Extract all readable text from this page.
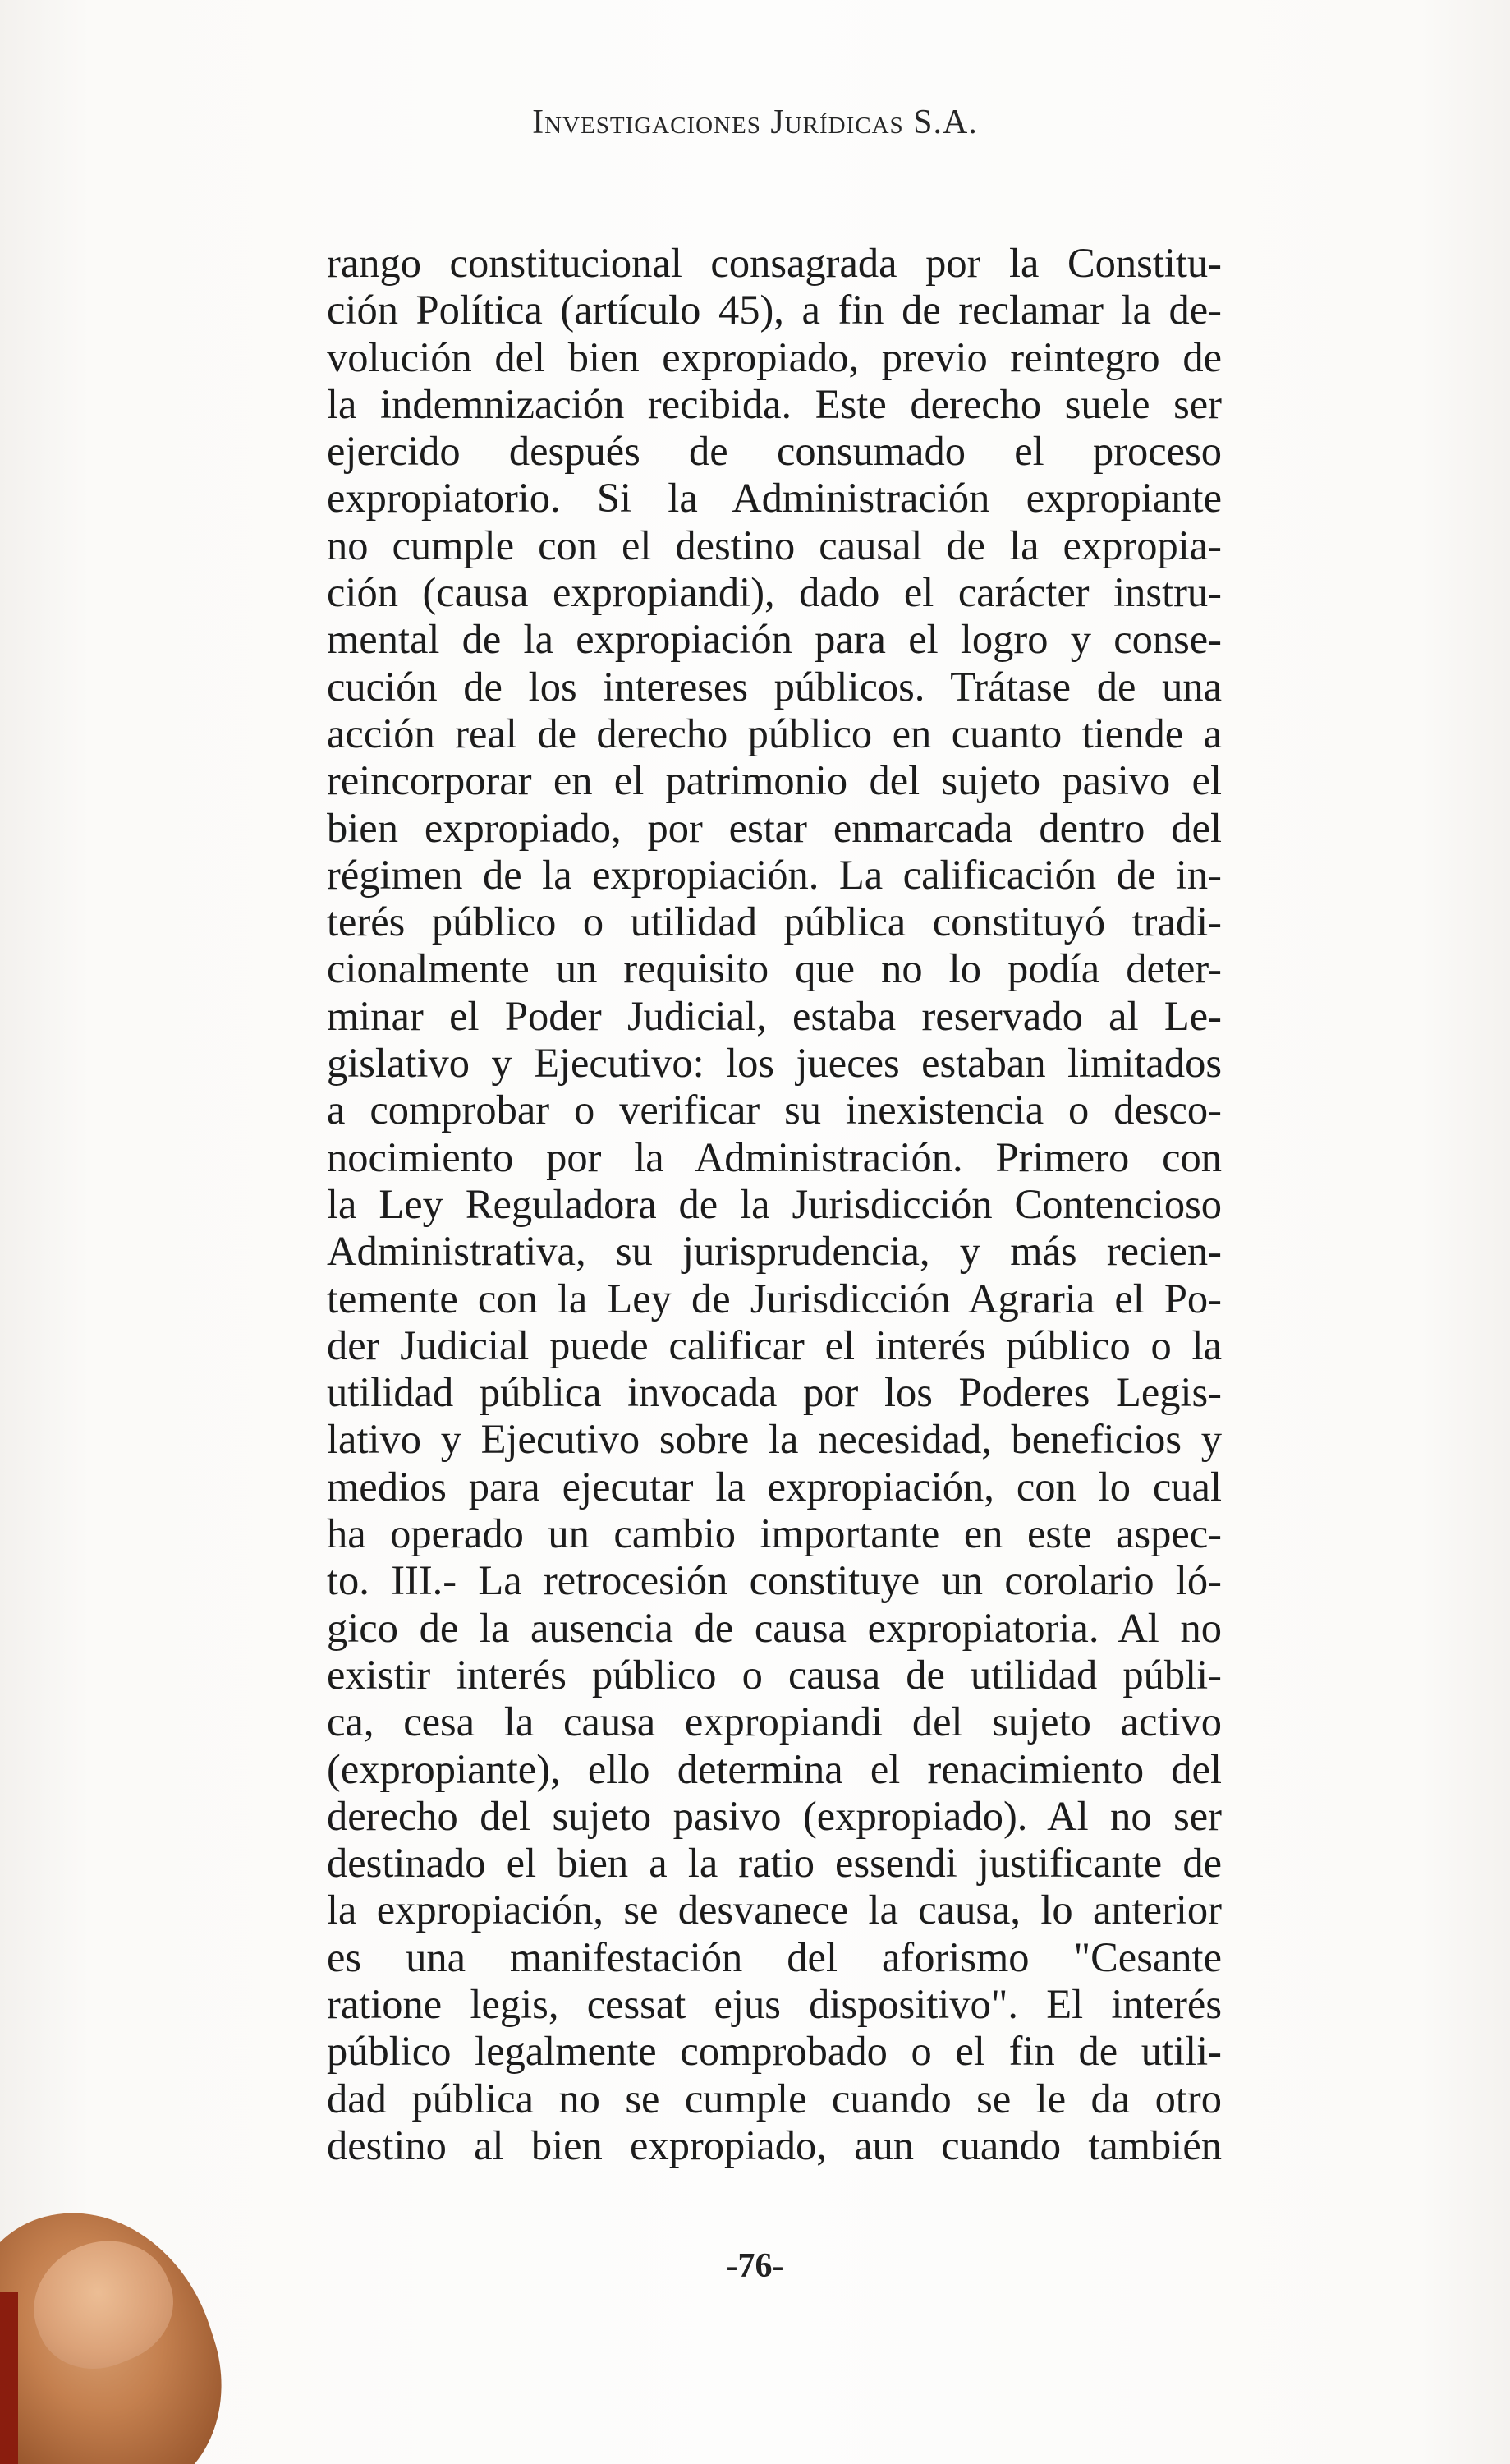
Investigaciones Jurídicas S.A.
rango constitucional consagrada por la Constitu-
ción Política (artículo 45), a fin de reclamar la de-
volución del bien expropiado, previo reintegro de
la indemnización recibida. Este derecho suele ser
ejercido después de consumado el proceso
expropiatorio. Si la Administración expropiante
no cumple con el destino causal de la expropia-
ción (causa expropiandi), dado el carácter instru-
mental de la expropiación para el logro y conse-
cución de los intereses públicos. Trátase de una
acción real de derecho público en cuanto tiende a
reincorporar en el patrimonio del sujeto pasivo el
bien expropiado, por estar enmarcada dentro del
régimen de la expropiación. La calificación de in-
terés público o utilidad pública constituyó tradi-
cionalmente un requisito que no lo podía deter-
minar el Poder Judicial, estaba reservado al Le-
gislativo y Ejecutivo: los jueces estaban limitados
a comprobar o verificar su inexistencia o desco-
nocimiento por la Administración. Primero con
la Ley Reguladora de la Jurisdicción Contencioso
Administrativa, su jurisprudencia, y más recien-
temente con la Ley de Jurisdicción Agraria el Po-
der Judicial puede calificar el interés público o la
utilidad pública invocada por los Poderes Legis-
lativo y Ejecutivo sobre la necesidad, beneficios y
medios para ejecutar la expropiación, con lo cual
ha operado un cambio importante en este aspec-
to. III.- La retrocesión constituye un corolario ló-
gico de la ausencia de causa expropiatoria. Al no
existir interés público o causa de utilidad públi-
ca, cesa la causa expropiandi del sujeto activo
(expropiante), ello determina el renacimiento del
derecho del sujeto pasivo (expropiado). Al no ser
destinado el bien a la ratio essendi justificante de
la expropiación, se desvanece la causa, lo anterior
es una manifestación del aforismo "Cesante
ratione legis, cessat ejus dispositivo". El interés
público legalmente comprobado o el fin de utili-
dad pública no se cumple cuando se le da otro
destino al bien expropiado, aun cuando también
-76-
